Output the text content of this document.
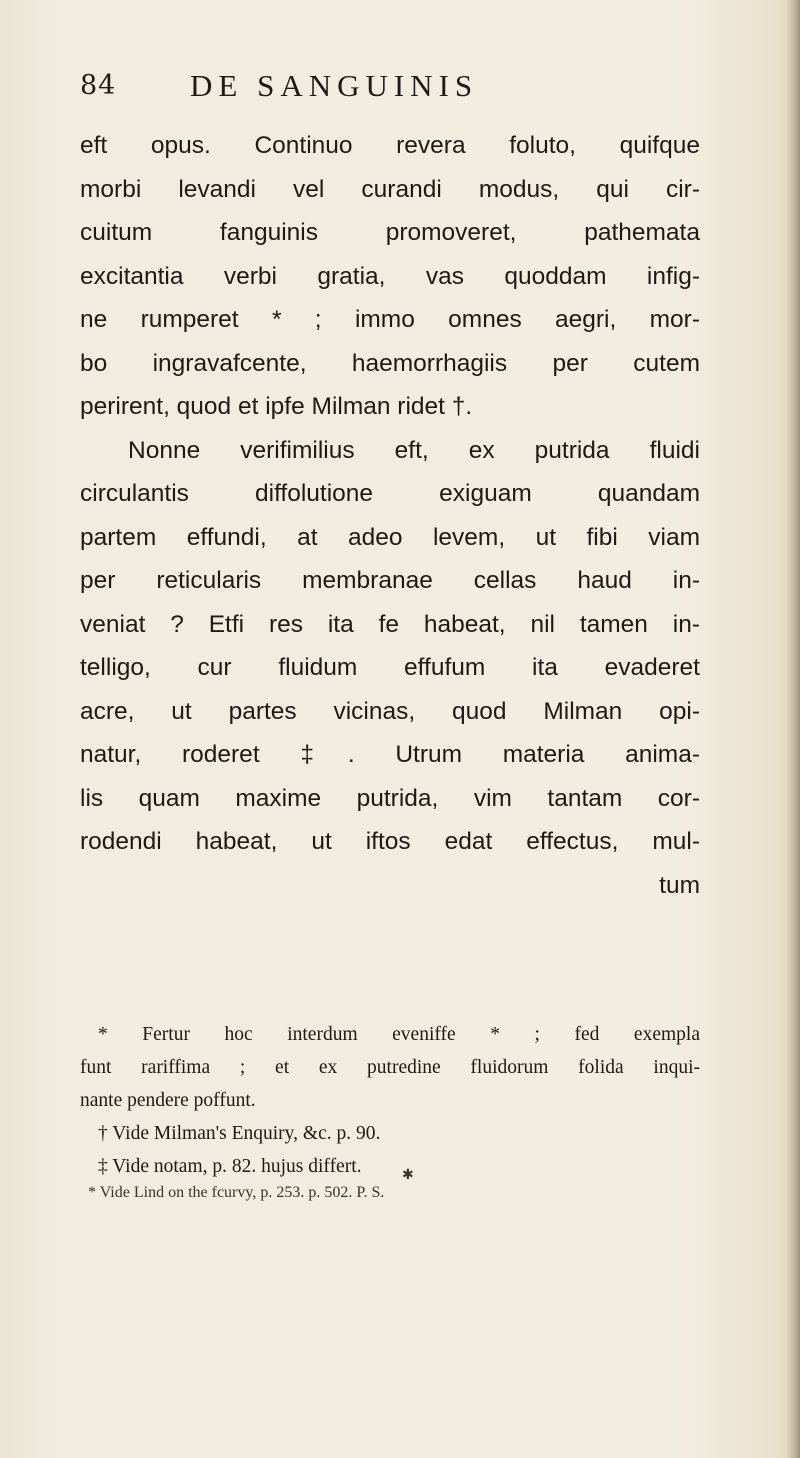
84 DE SANGUINIS
eft opus. Continuo revera foluto, quifque
morbi levandi vel curandi modus, qui cir-
cuitum fanguinis promoveret, pathemata
excitantia verbi gratia, vas quoddam infig-
ne rumperet * ; immo omnes aegri, mor-
bo ingravafcente, haemorrhagiis per cutem
perirent, quod et ipfe Milman ridet †.
Nonne verifimilius eft, ex putrida fluidi
circulantis diffolutione exiguam quandam
partem effundi, at adeo levem, ut fibi viam
per reticularis membranae cellas haud in-
veniat ? Etfi res ita fe habeat, nil tamen in-
telligo, cur fluidum effufum ita evaderet
acre, ut partes vicinas, quod Milman opi-
natur, roderet ‡. Utrum materia anima-
lis quam maxime putrida, vim tantam cor-
rodendi habeat, ut iftos edat effectus, mul-
tum
* Fertur hoc interdum eveniffe * ; fed exempla
funt rariffima ; et ex putredine fluidorum folida inqui-
nante pendere poffunt.
† Vide Milman's Enquiry, &c. p. 90.
‡ Vide notam, p. 82. hujus differt.	✱
* Vide Lind on the fcurvy, p. 253. p. 502. P. S.
